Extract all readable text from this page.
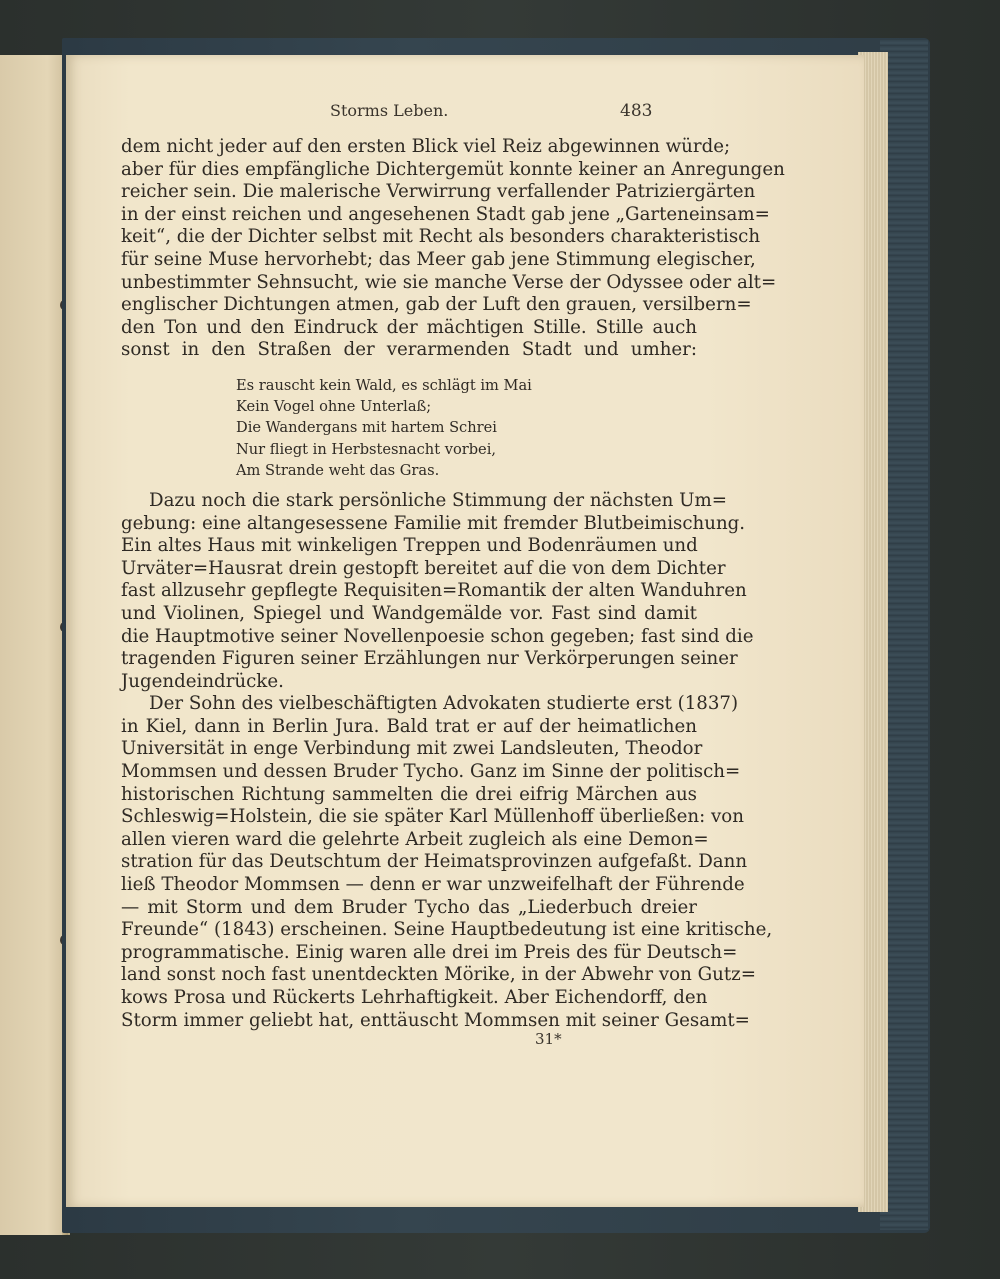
Storms Leben.	483
dem nicht jeder auf den ersten Blick viel Reiz abgewinnen würde;
aber für dies empfängliche Dichtergemüt konnte keiner an Anregungen
reicher sein. Die malerische Verwirrung verfallender Patriziergärten
in der einst reichen und angesehenen Stadt gab jene „Garteneinsam=
keit“, die der Dichter selbst mit Recht als besonders charakteristisch
für seine Muse hervorhebt; das Meer gab jene Stimmung elegischer,
unbestimmter Sehnsucht, wie sie manche Verse der Odyssee oder alt=
englischer Dichtungen atmen, gab der Luft den grauen, versilbern=
den Ton und den Eindruck der mächtigen Stille. Stille auch
sonst in den Straßen der verarmenden Stadt und umher:
Dazu noch die stark persönliche Stimmung der nächsten Um=
gebung: eine altangesessene Familie mit fremder Blutbeimischung.
Ein altes Haus mit winkeligen Treppen und Bodenräumen und
Urväter=Hausrat drein gestopft bereitet auf die von dem Dichter
fast allzusehr gepflegte Requisiten=Romantik der alten Wanduhren
und Violinen, Spiegel und Wandgemälde vor. Fast sind damit
die Hauptmotive seiner Novellenpoesie schon gegeben; fast sind die
tragenden Figuren seiner Erzählungen nur Verkörperungen seiner
Jugendeindrücke.
Der Sohn des vielbeschäftigten Advokaten studierte erst (1837)
in Kiel, dann in Berlin Jura. Bald trat er auf der heimatlichen
Universität in enge Verbindung mit zwei Landsleuten, Theodor
Mommsen und dessen Bruder Tycho. Ganz im Sinne der politisch=
historischen Richtung sammelten die drei eifrig Märchen aus
Schleswig=Holstein, die sie später Karl Müllenhoff überließen: von
allen vieren ward die gelehrte Arbeit zugleich als eine Demon=
stration für das Deutschtum der Heimatsprovinzen aufgefaßt. Dann
ließ Theodor Mommsen — denn er war unzweifelhaft der Führende
— mit Storm und dem Bruder Tycho das „Liederbuch dreier
Freunde“ (1843) erscheinen. Seine Hauptbedeutung ist eine kritische,
programmatische. Einig waren alle drei im Preis des für Deutsch=
land sonst noch fast unentdeckten Mörike, in der Abwehr von Gutz=
kows Prosa und Rückerts Lehrhaftigkeit. Aber Eichendorff, den
Storm immer geliebt hat, enttäuscht Mommsen mit seiner Gesamt=
Es rauscht kein Wald, es schlägt im Mai
Kein Vogel ohne Unterlaß;
Die Wandergans mit hartem Schrei
Nur fliegt in Herbstesnacht vorbei,
Am Strande weht das Gras.
31*
